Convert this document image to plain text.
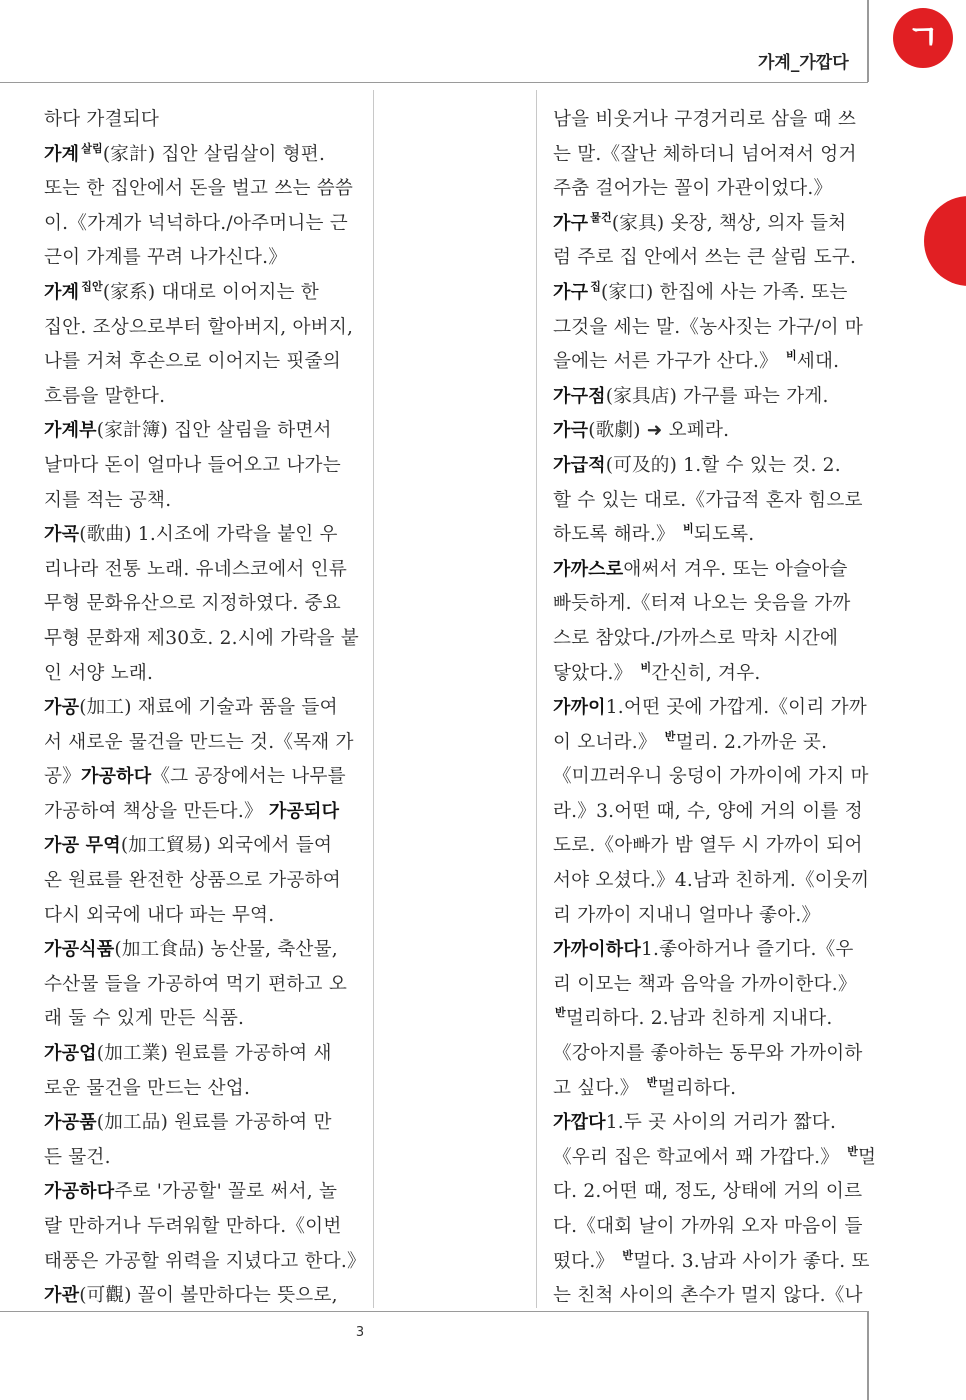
가계_가깝다
ㄱ

하다 가결되다

가계 $^{살림}$(家計) 집안 살림살이 형편.

또는 한 집안에서 돈을 벌고 쓰는 씀씀

이.《가계가 넉넉하다./아주머니는 근

근이 가계를 꾸려 나가신다.》

가계 $^{집안}$(家系) 대대로 이어지는 한

집안. 조상으로부터 할아버지, 아버지,

나를 거쳐 후손으로 이어지는 핏줄의

흐름을 말한다.

가계부(家計簿) 집안 살림을 하면서

날마다 돈이 얼마나 들어오고 나가는

지를 적는 공책.

가곡(歌曲) 1.시조에 가락을 붙인 우

리나라 전통 노래. 유네스코에서 인류

무형 문화유산으로 지정하였다. 중요

무형 문화재 제30호. 2.시에 가락을 붙

인 서양 노래.

가공(加工) 재료에 기술과 품을 들여

서 새로운 물건을 만드는 것.《목재 가

공》가공하다《그 공장에서는 나무를

가공하여 책상을 만든다.》 가공되다

가공 무역(加工貿易) 외국에서 들여

온 원료를 완전한 상품으로 가공하여

다시 외국에 내다 파는 무역.

가공식품(加工食品) 농산물, 축산물,

수산물 들을 가공하여 먹기 편하고 오

래 둘 수 있게 만든 식품.

가공업(加工業) 원료를 가공하여 새

로운 물건을 만드는 산업.

가공품(加工品) 원료를 가공하여 만

든 물건.

가공하다주로 '가공할' 꼴로 써서, 놀

랄 만하거나 두려워할 만하다.《이번

태풍은 가공할 위력을 지녔다고 한다.》

가관(可觀) 꼴이 볼만하다는 뜻으로,

남을 비웃거나 구경거리로 삼을 때 쓰

는 말.《잘난 체하더니 넘어져서 엉거

주춤 걸어가는 꼴이 가관이었다.》

가구 $^{물건}$(家具) 옷장, 책상, 의자 들처

럼 주로 집 안에서 쓰는 큰 살림 도구.

가구 $^집$(家口) 한집에 사는 가족. 또는

그것을 세는 말.《농사짓는 가구/이 마

을에는 서른 가구가 산다.》 $^비$세대.

가구점(家具店) 가구를 파는 가게.

가극(歌劇) ➜ 오페라.

가급적(可及的) 1.할 수 있는 것. 2.

할 수 있는 대로.《가급적 혼자 힘으로

하도록 해라.》 $^비$되도록.

가까스로애써서 겨우. 또는 아슬아슬

빠듯하게.《터져 나오는 웃음을 가까

스로 참았다./가까스로 막차 시간에

닿았다.》 $^비$간신히, 겨우.

가까이1.어떤 곳에 가깝게.《이리 가까

이 오너라.》 $^반$멀리. 2.가까운 곳.

《미끄러우니 웅덩이 가까이에 가지 마

라.》3.어떤 때, 수, 양에 거의 이를 정

도로.《아빠가 밤 열두 시 가까이 되어

서야 오셨다.》4.남과 친하게.《이웃끼

리 가까이 지내니 얼마나 좋아.》

가까이하다1.좋아하거나 즐기다.《우

리 이모는 책과 음악을 가까이한다.》

$^반$멀리하다. 2.남과 친하게 지내다.

《강아지를 좋아하는 동무와 가까이하

고 싶다.》 $^반$멀리하다.

가깝다1.두 곳 사이의 거리가 짧다.

《우리 집은 학교에서 꽤 가깝다.》 $^반$멀

다. 2.어떤 때, 정도, 상태에 거의 이르

다.《대회 날이 가까워 오자 마음이 들

떴다.》 $^반$멀다. 3.남과 사이가 좋다. 또

는 친척 사이의 촌수가 멀지 않다.《나

3
